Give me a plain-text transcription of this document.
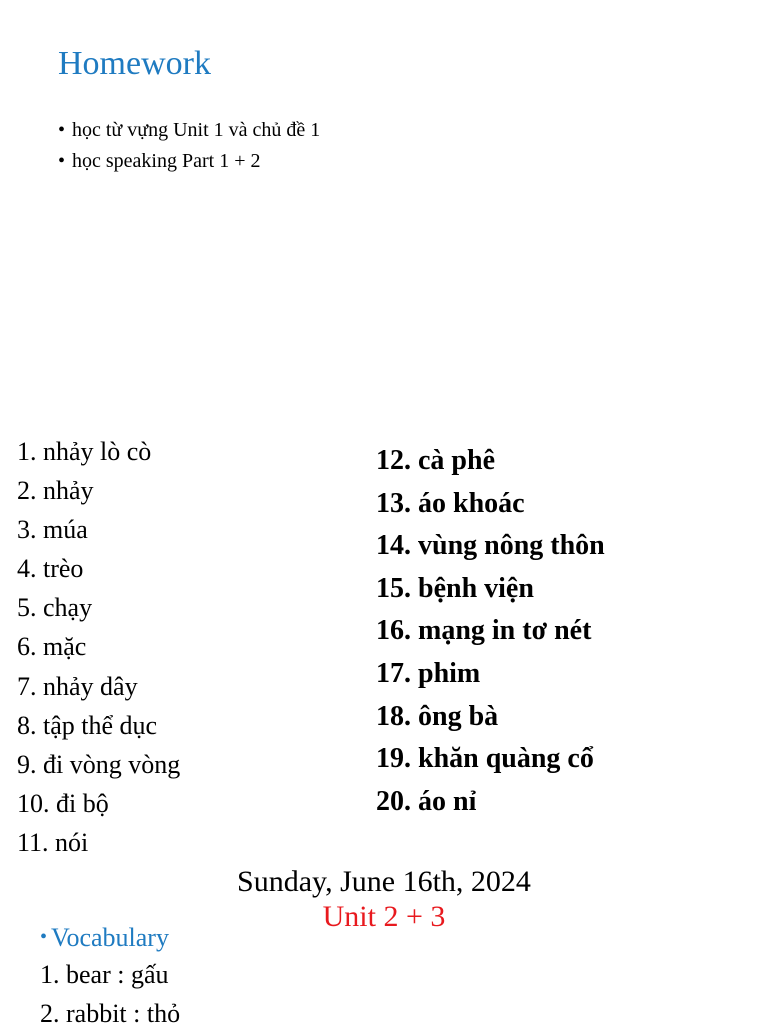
Homework
• học từ vựng Unit 1 và chủ đề 1
• học speaking Part 1 + 2
1. nhảy lò cò
2. nhảy
3. múa
4. trèo
5. chạy
6. mặc
7. nhảy dây
8. tập thể dục
9. đi vòng vòng
10. đi bộ
11. nói
12. cà phê
13. áo khoác
14. vùng nông thôn
15. bệnh viện
16. mạng in tơ nét
17. phim
18. ông bà
19. khăn quàng cổ
20. áo nỉ
Sunday, June 16th, 2024
Unit 2 + 3
• Vocabulary
1. bear : gấu
2. rabbit : thỏ
